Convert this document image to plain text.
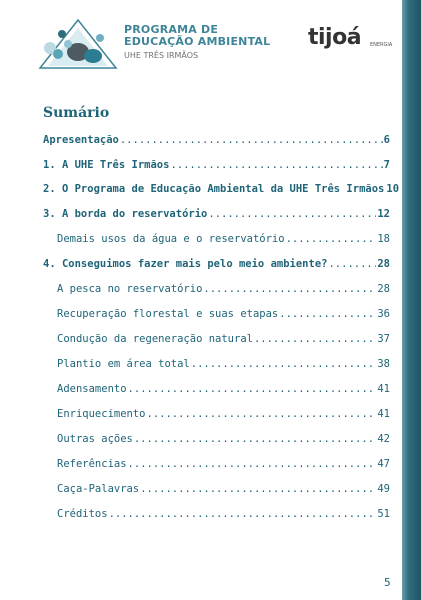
PROGRAMA DE
EDUCAÇÃO AMBIENTAL
UHE TRÊS IRMÃOS
tijoá ENERGIA
Sumário
Apresentação .....	6
1. A UHE Três Irmãos .....	7
2. O Programa de Educação Ambiental da UHE Três Irmãos 10
3. A borda do reservatório .....	12
Demais usos da água e o reservatório .....	18
4. Conseguimos fazer mais pelo meio ambiente? .....	28
A pesca no reservatório .....	28
Recuperação florestal e suas etapas .....	36
Condução da regeneração natural .....	37
Plantio em área total .....	38
Adensamento .....	41
Enriquecimento .....	41
Outras ações .....	42
Referências .....	47
Caça-Palavras .....	49
Créditos .....	51
5
